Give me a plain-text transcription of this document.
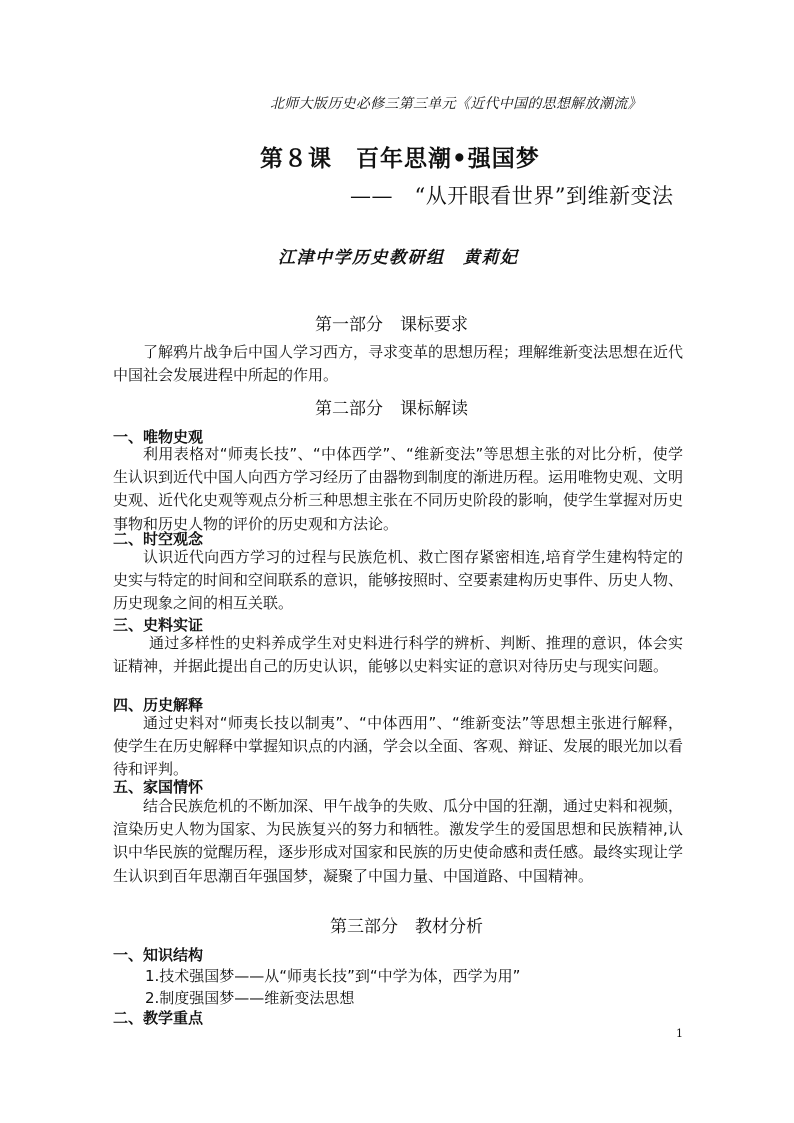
北师大版历史必修三第三单元《近代中国的思想解放潮流》
第８课　百年思潮•强国梦
——　“从开眼看世界”到维新变法
江津中学历史教研组　黄莉妃
第一部分　课标要求
了解鸦片战争后中国人学习西方，寻求变革的思想历程；理解维新变法思想在近代中国社会发展进程中所起的作用。
第二部分　课标解读
一、唯物史观
利用表格对“师夷长技”、“中体西学”、“维新变法”等思想主张的对比分析，使学生认识到近代中国人向西方学习经历了由器物到制度的渐进历程。运用唯物史观、文明史观、近代化史观等观点分析三种思想主张在不同历史阶段的影响，使学生掌握对历史事物和历史人物的评价的历史观和方法论。
二、时空观念
认识近代向西方学习的过程与民族危机、救亡图存紧密相连,培育学生建构特定的史实与特定的时间和空间联系的意识，能够按照时、空要素建构历史事件、历史人物、历史现象之间的相互关联。
三、史料实证
通过多样性的史料养成学生对史料进行科学的辨析、判断、推理的意识，体会实证精神，并据此提出自己的历史认识，能够以史料实证的意识对待历史与现实问题。
四、历史解释
通过史料对“师夷长技以制夷”、“中体西用”、“维新变法”等思想主张进行解释，使学生在历史解释中掌握知识点的内涵，学会以全面、客观、辩证、发展的眼光加以看待和评判。
五、家国情怀
结合民族危机的不断加深、甲午战争的失败、瓜分中国的狂潮，通过史料和视频，渲染历史人物为国家、为民族复兴的努力和牺牲。激发学生的爱国思想和民族精神,认识中华民族的觉醒历程，逐步形成对国家和民族的历史使命感和责任感。最终实现让学生认识到百年思潮百年强国梦，凝聚了中国力量、中国道路、中国精神。
第三部分　教材分析
一、知识结构
1.技术强国梦——从“师夷长技”到“中学为体，西学为用”
2.制度强国梦——维新变法思想
二、教学重点
1
